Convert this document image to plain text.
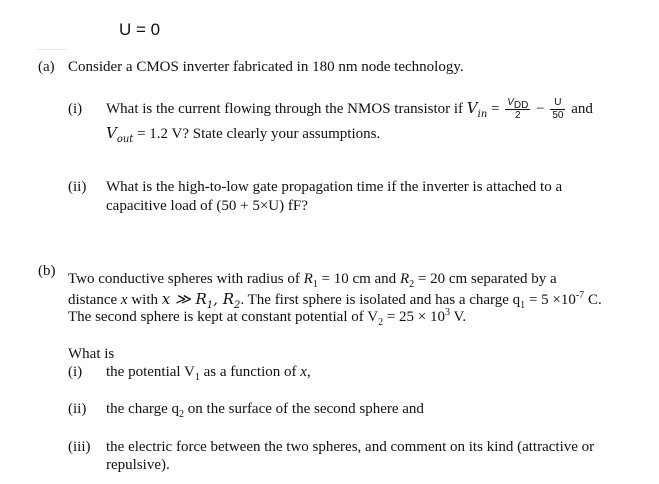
U = 0
(a) Consider a CMOS inverter fabricated in 180 nm node technology.
(i) What is the current flowing through the NMOS transistor if $V_{in} = \frac{V_{DD}}{2} - \frac{U}{50}$ and
$V_{out} = 1.2$ V? State clearly your assumptions.
(ii) What is the high-to-low gate propagation time if the inverter is attached to a
capacitive load of (50 + 5×U) fF?
(b) Two conductive spheres with radius of $R_1 = 10$ cm and $R_2 = 20$ cm separated by a
distance x with x ≫ $R_1$, $R_2$. The first sphere is isolated and has a charge $q_1 = 5 \times 10^{-7}$ C.
The second sphere is kept at constant potential of $V_2 = 25 \times 10^3$ V.
What is
(i) the potential $V_1$ as a function of x,
(ii) the charge $q_2$ on the surface of the second sphere and
(iii) the electric force between the two spheres, and comment on its kind (attractive or
repulsive).
